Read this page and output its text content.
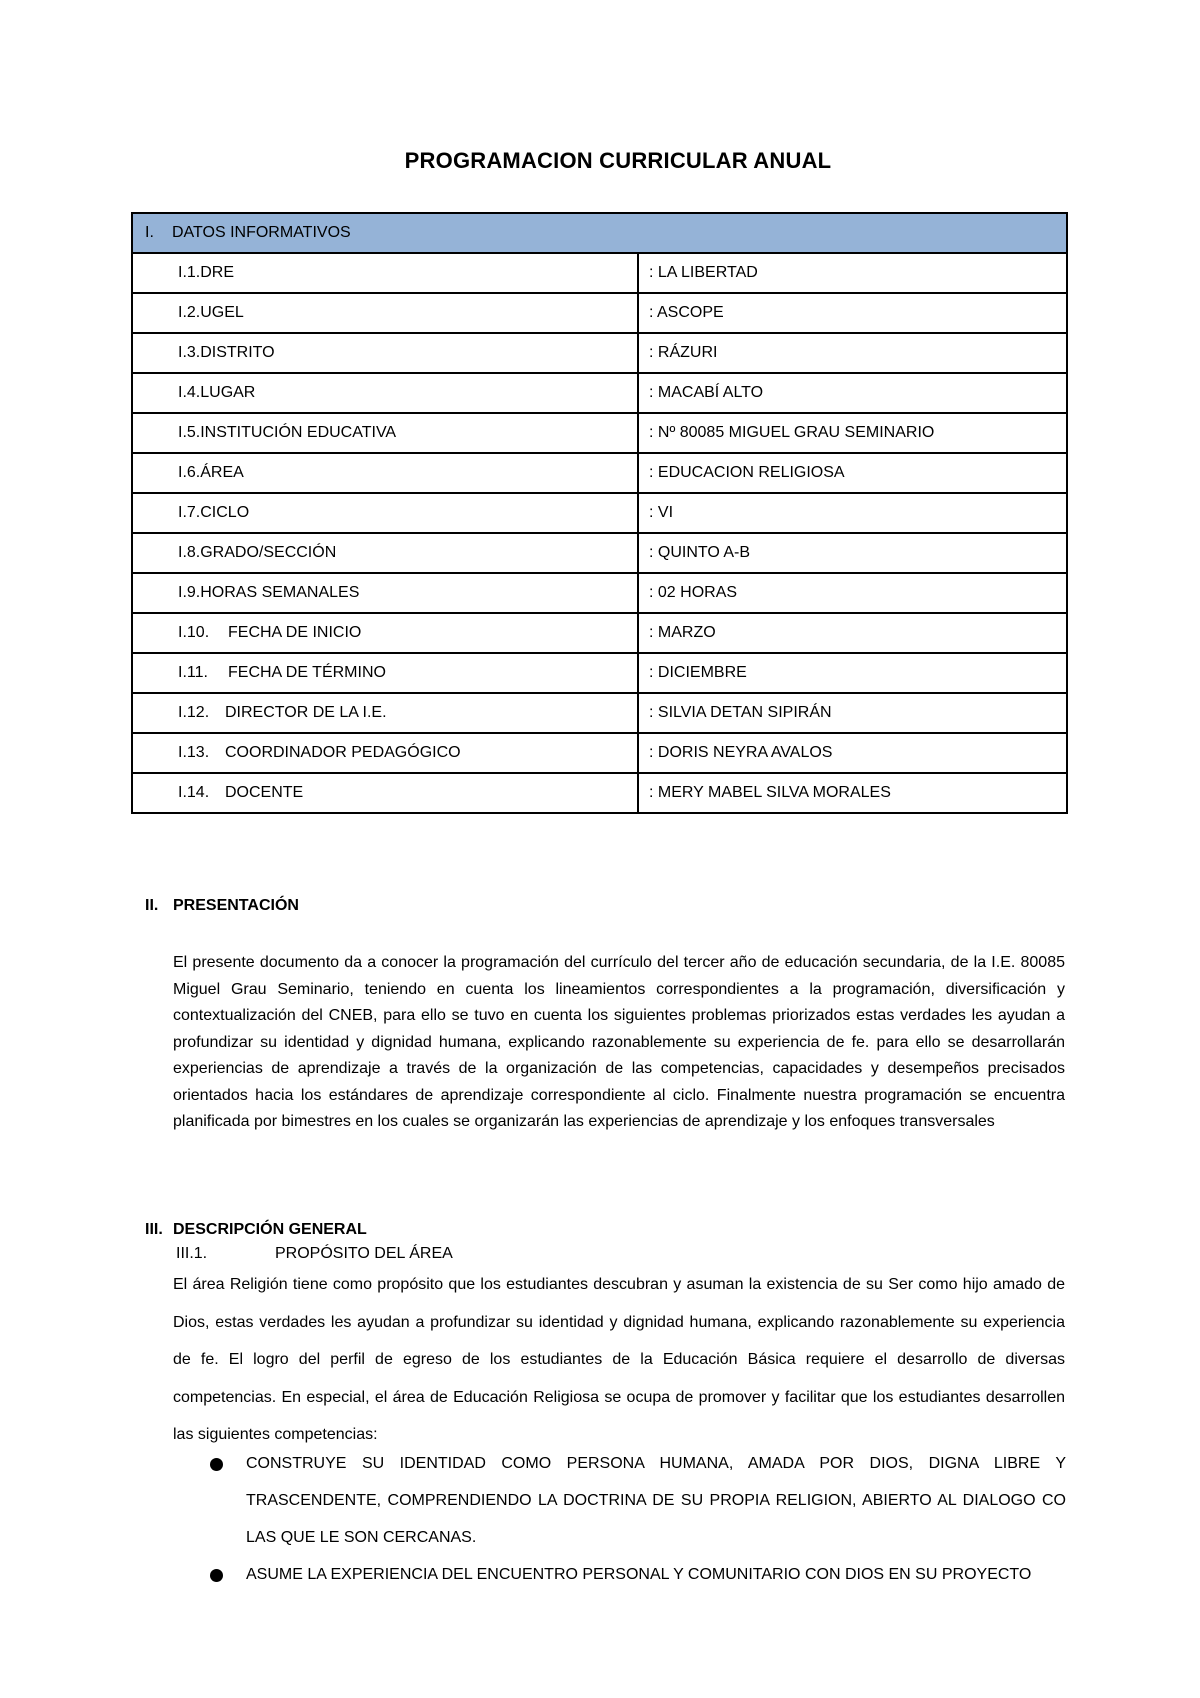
PROGRAMACION CURRICULAR ANUAL
I. DATOS INFORMATIVOS	
I.1.DRE	: LA LIBERTAD
I.2.UGEL	: ASCOPE
I.3.DISTRITO	: RÁZURI
I.4.LUGAR	: MACABÍ ALTO
I.5.INSTITUCIÓN EDUCATIVA	: Nº 80085 MIGUEL GRAU SEMINARIO
I.6.ÁREA	: EDUCACION RELIGIOSA
I.7.CICLO	: VI
I.8.GRADO/SECCIÓN	: QUINTO A-B
I.9.HORAS SEMANALES	: 02 HORAS
I.10. FECHA DE INICIO	: MARZO
I.11. FECHA DE TÉRMINO	: DICIEMBRE
I.12. DIRECTOR DE LA I.E.	: SILVIA DETAN SIPIRÁN
I.13. COORDINADOR PEDAGÓGICO	: DORIS NEYRA AVALOS
I.14. DOCENTE	: MERY MABEL SILVA MORALES
II. PRESENTACIÓN
El presente documento da a conocer la programación del currículo del tercer año de educación secundaria, de la I.E. 80085 Miguel Grau Seminario, teniendo en cuenta los lineamientos correspondientes a la programación, diversificación y contextualización del CNEB, para ello se tuvo en cuenta los siguientes problemas priorizados estas verdades les ayudan a profundizar su identidad y dignidad humana, explicando razonablemente su experiencia de fe. para ello se desarrollarán experiencias de aprendizaje a través de la organización de las competencias, capacidades y desempeños precisados orientados hacia los estándares de aprendizaje correspondiente al ciclo. Finalmente nuestra programación se encuentra planificada por bimestres en los cuales se organizarán las experiencias de aprendizaje y los enfoques transversales
III. DESCRIPCIÓN GENERAL
III.1.	PROPÓSITO DEL ÁREA
El área Religión tiene como propósito que los estudiantes descubran y asuman la existencia de su Ser como hijo amado de Dios, estas verdades les ayudan a profundizar su identidad y dignidad humana, explicando razonablemente su experiencia de fe. El logro del perfil de egreso de los estudiantes de la Educación Básica requiere el desarrollo de diversas competencias. En especial, el área de Educación Religiosa se ocupa de promover y facilitar que los estudiantes desarrollen las siguientes competencias:
CONSTRUYE SU IDENTIDAD COMO PERSONA HUMANA, AMADA POR DIOS, DIGNA LIBRE Y TRASCENDENTE, COMPRENDIENDO LA DOCTRINA DE SU PROPIA RELIGION, ABIERTO AL DIALOGO CO LAS QUE LE SON CERCANAS.
ASUME LA EXPERIENCIA DEL ENCUENTRO PERSONAL Y COMUNITARIO CON DIOS EN SU PROYECTO
